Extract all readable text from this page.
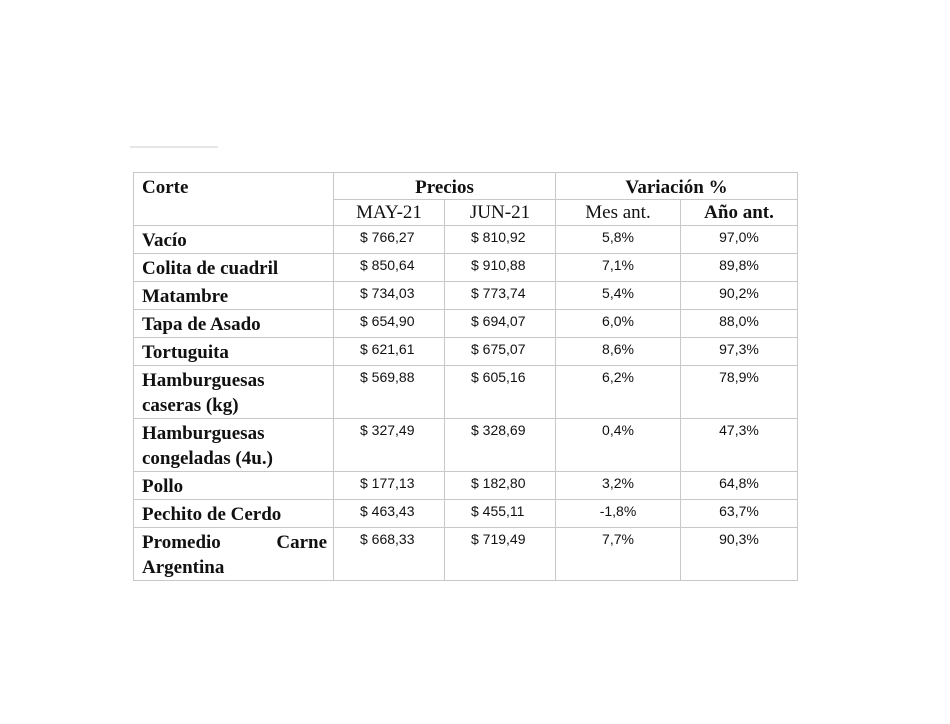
Corte	Precios		Variación %	
	MAY-21	JUN-21	Mes ant.	Año ant.

Vacío	$ 766,27	$ 810,92	5,8%	97,0%

Colita de cuadril	$ 850,64	$ 910,88	7,1%	89,8%

Matambre	$ 734,03	$ 773,74	5,4%	90,2%

Tapa de Asado	$ 654,90	$ 694,07	6,0%	88,0%

Tortuguita	$ 621,61	$ 675,07	8,6%	97,3%

Hamburguesas
caseras (kg)	$ 569,88	$ 605,16	6,2%	78,9%

Hamburguesas
congeladas (4u.)	$ 327,49	$ 328,69	0,4%	47,3%

Pollo	$ 177,13	$ 182,80	3,2%	64,8%

Pechito de Cerdo	$ 463,43	$ 455,11	-1,8%	63,7%

Promedio Carne
Argentina	$ 668,33	$ 719,49	7,7%	90,3%
